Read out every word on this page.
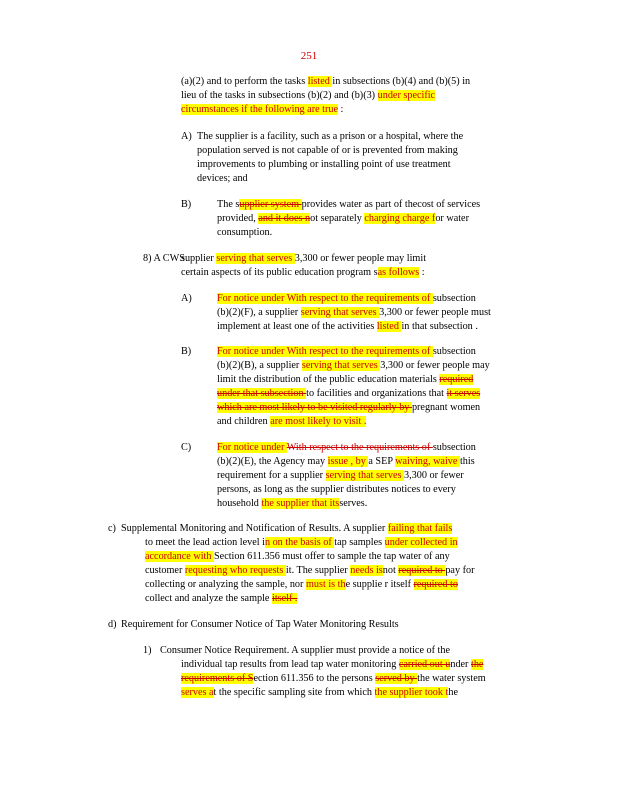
251
(a)(2) and to perform the tasks listed in subsections (b)(4) and (b)(5) in
lieu of the tasks in subsections (b)(2) and (b)(3) under specific
circumstances if the following are true :
A) The supplier is a facility, such as a prison or a hospital, where the
population served is not capable of or is prevented from making
improvements to plumbing or installing point of use treatment
devices; and
B)	The supplier system provides water as part of thecost of services
provided, and it does not separately charging charge for water
consumption.
8) A CWS
supplier serving that serves 3,300 or fewer people may limit
certain aspects of its public education program sas follows :
A) For notice under With respect to the requirements of subsection
(b)(2)(F), a supplier serving that serves 3,300 or fewer people must
implement at least one of the activities listed in that subsection .
B)	For notice under With respect to the requirements of subsection
(b)(2)(B), a supplier serving that serves 3,300 or fewer people may
limit the distribution of the public education materials required
under that subsection to facilities and organizations that it serves
which are most likely to be visited regularly by pregnant women
and children are most likely to visit .
C)	For notice under With respect to the requirements of subsection
(b)(2)(E), the Agency may issue , by a SEP waiving, waive this
requirement for a supplier serving that serves 3,300 or fewer
persons, as long as the supplier distributes notices to every
household the supplier that itsserves.
c) Supplemental Monitoring and Notification of Results. A supplier failing that fails
to meet the lead action level in on the basis of tap samples under collected in
accordance with Section 611.356 must offer to sample the tap water of any
customer requesting who requests it. The supplier needs isnot required to pay for
collecting or analyzing the sample, nor must is the supplie r itself required to
collect and analyze the sample itself .
d) Requirement for Consumer Notice of Tap Water Monitoring Results
1) Consumer Notice Requirement. A supplier must provide a notice of the
individual tap results from lead tap water monitoring carried out under the
requirements of Section 611.356 to the persons served by the water system
serves at the specific sampling site from which the supplier took the
